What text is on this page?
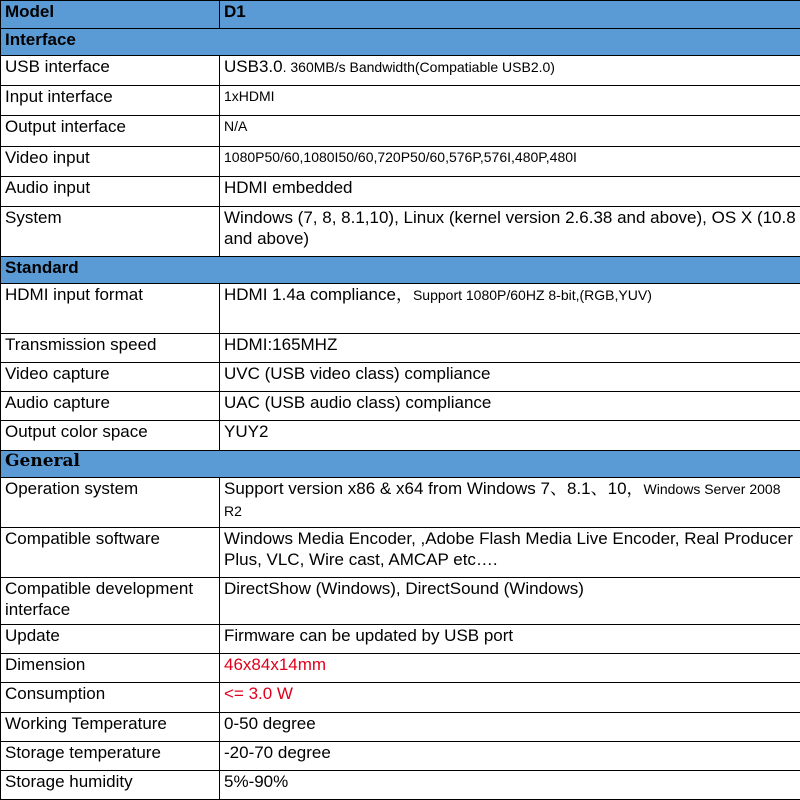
Model	D1
Interface	
USB interface	USB3.0. 360MB/s Bandwidth(Compatiable USB2.0)
Input interface	1xHDMI
Output interface	N/A
Video input	1080P50/60,1080I50/60,720P50/60,576P,576I,480P,480I
Audio input	HDMI embedded
System	Windows (7, 8, 8.1,10), Linux (kernel version 2.6.38 and above), OS X (10.8 and above)
Standard	
HDMI input format	HDMI 1.4a compliance，Support 1080P/60HZ 8-bit,(RGB,YUV)
Transmission speed	HDMI:165MHZ
Video capture	UVC (USB video class) compliance
Audio capture	UAC (USB audio class) compliance
Output color space	YUY2
General	
Operation system	Support version x86 & x64 from Windows 7、8.1、10，Windows Server 2008 R2
Compatible software	Windows Media Encoder, ,Adobe Flash Media Live Encoder, Real Producer Plus, VLC, Wire cast, AMCAP etc….
Compatible development interface	DirectShow (Windows), DirectSound (Windows)
Update	Firmware can be updated by USB port
Dimension	46x84x14mm
Consumption	<= 3.0 W
Working Temperature	0-50 degree
Storage temperature	-20-70 degree
Storage humidity	5%-90%
